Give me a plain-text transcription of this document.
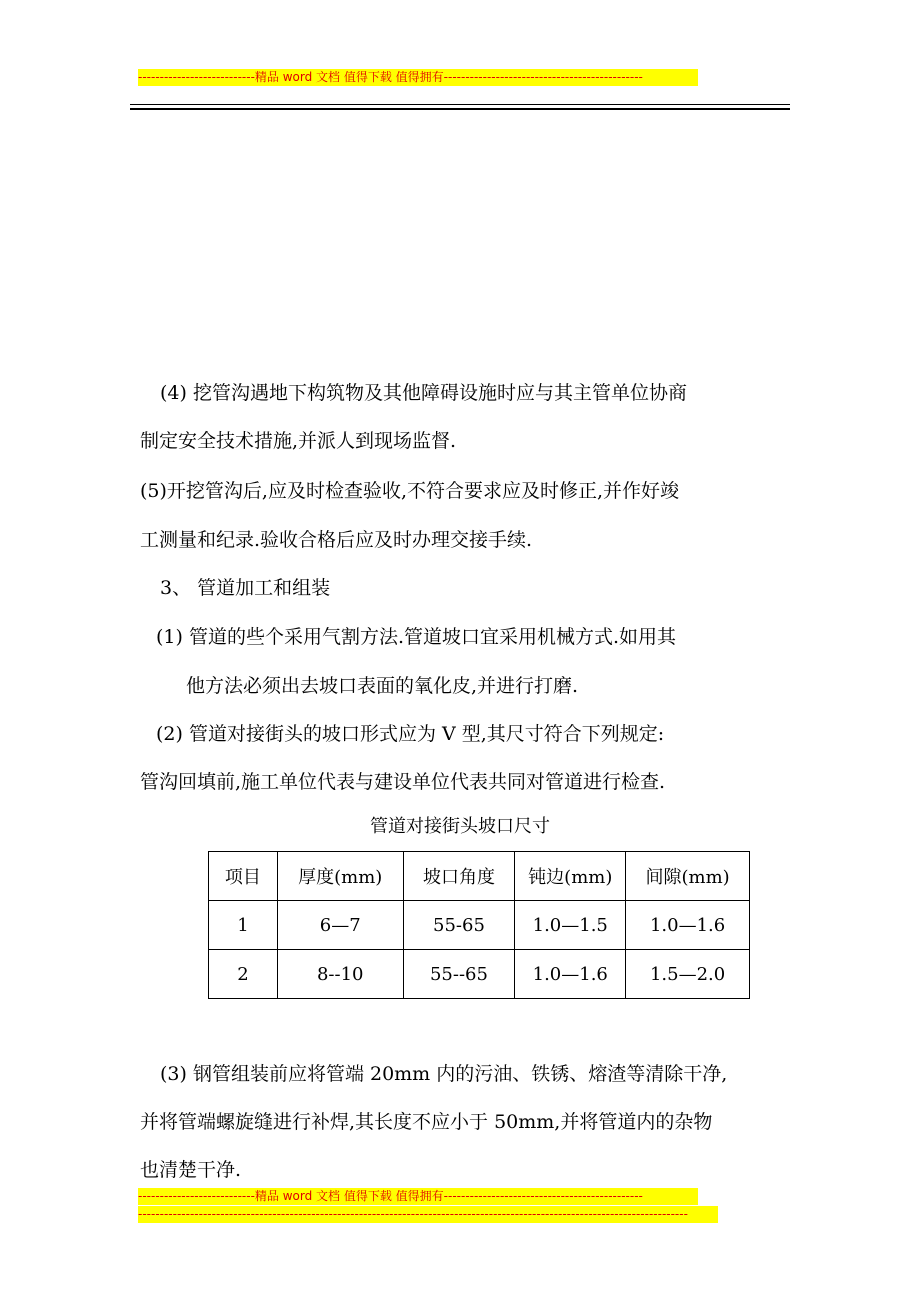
---------------------------精品 word 文档 值得下载 值得拥有----------------------------------------------
(4) 挖管沟遇地下构筑物及其他障碍设施时应与其主管单位协商
制定安全技术措施,并派人到现场监督.
(5)开挖管沟后,应及时检查验收,不符合要求应及时修正,并作好竣
工测量和纪录.验收合格后应及时办理交接手续.
3、 管道加工和组装
(1) 管道的些个采用气割方法.管道坡口宜采用机械方式.如用其
他方法必须出去坡口表面的氧化皮,并进行打磨.
(2) 管道对接街头的坡口形式应为 V 型,其尺寸符合下列规定:
管沟回填前,施工单位代表与建设单位代表共同对管道进行检查.
管道对接街头坡口尺寸
项目	厚度(mm)	坡口角度	钝边(mm)	间隙(mm)
1	6—7	55-65	1.0—1.5	1.0—1.6
2	8--10	55--65	1.0—1.6	1.5—2.0
(3) 钢管组装前应将管端 20mm 内的污油、铁锈、熔渣等清除干净,
并将管端螺旋缝进行补焊,其长度不应小于 50mm,并将管道内的杂物
也清楚干净.
---------------------------精品 word 文档 值得下载 值得拥有----------------------------------------------
-------------------------------------------------------------------------------------------------------------------------------
